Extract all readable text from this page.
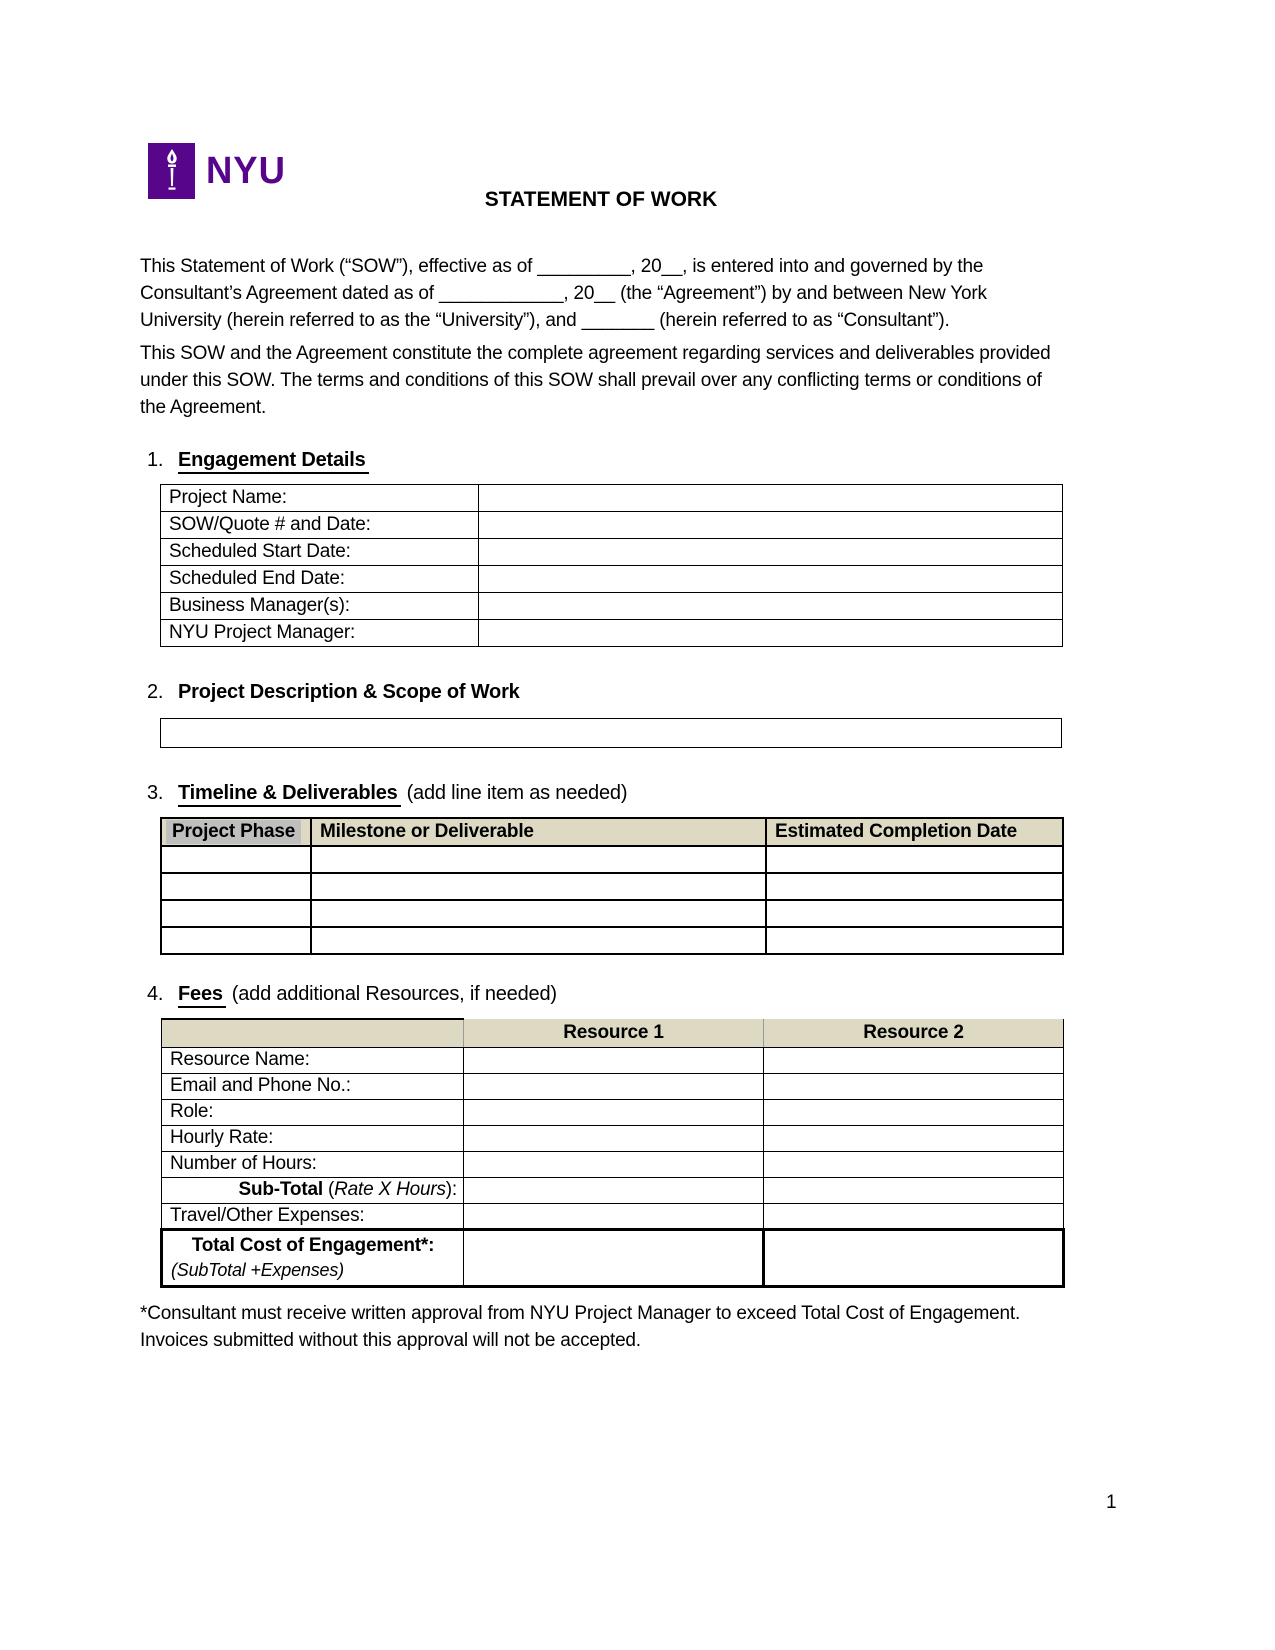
NYU
STATEMENT OF WORK

This Statement of Work (“SOW”), effective as of _________, 20__, is entered into and governed by the Consultant’s Agreement dated as of ____________, 20__ (the “Agreement”) by and between New York University (herein referred to as the “University”), and _______ (herein referred to as “Consultant”).

This SOW and the Agreement constitute the complete agreement regarding services and deliverables provided under this SOW. The terms and conditions of this SOW shall prevail over any conflicting terms or conditions of the Agreement.

1. Engagement Details
Project Name:	
SOW/Quote # and Date:	
Scheduled Start Date:	
Scheduled End Date:	
Business Manager(s):	
NYU Project Manager:	
2. Project Description & Scope of Work
3. Timeline & Deliverables (add line item as needed)
Project Phase	Milestone or Deliverable	Estimated Completion Date

4. Fees (add additional Resources, if needed)
	Resource 1	Resource 2
Resource Name:		
Email and Phone No.:		
Role:		
Hourly Rate:		
Number of Hours:		
Sub-Total (Rate X Hours):		
Travel/Other Expenses:		

Total Cost of Engagement*:
(SubTotal +Expenses)		

*Consultant must receive written approval from NYU Project Manager to exceed Total Cost of Engagement. Invoices submitted without this approval will not be accepted.

1
